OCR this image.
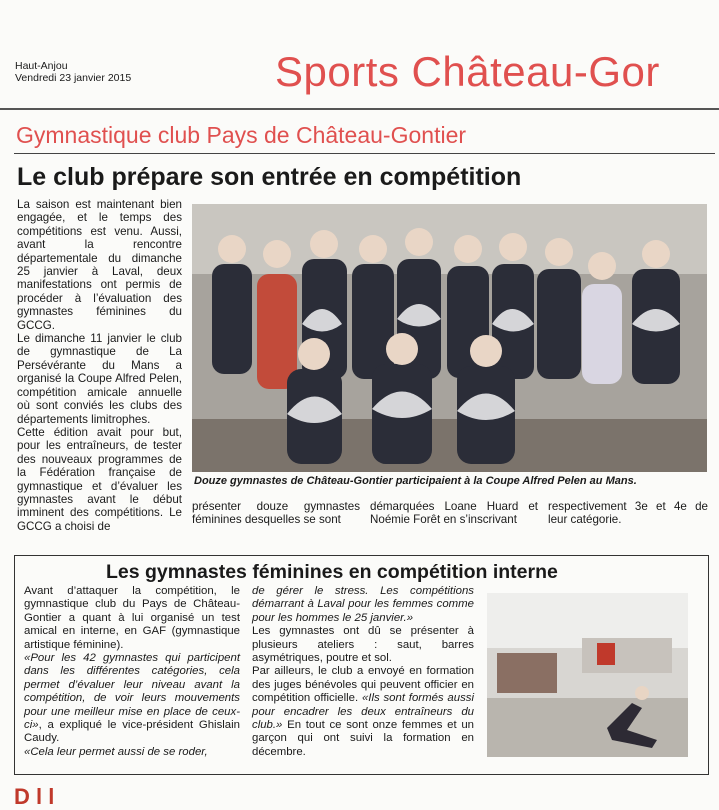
Haut-Anjou
Vendredi 23 janvier 2015	Sports Château-Gor
Gymnastique club Pays de Château-Gontier
Le club prépare son entrée en compétition
La saison est maintenant bien engagée, et le temps des compétitions est venu. Aussi, avant la rencontre départementale du dimanche 25 janvier à Laval, deux manifestations ont permis de procéder à l’évaluation des gymnastes féminines du GCCG.
Le dimanche 11 janvier le club de gymnastique de La Persévérante du Mans a organisé la Coupe Alfred Pelen, compétition amicale annuelle où sont conviés les clubs des départements limitrophes.
Cette édition avait pour but, pour les entraîneurs, de tester des nouveaux programmes de la Fédération française de gymnastique et d’évaluer les gymnastes avant le début imminent des compétitions. Le GCCG a choisi de
Douze gymnastes de Château-Gontier participaient à la Coupe Alfred Pelen au Mans.
présenter douze gymnastes féminines desquelles se sont
démarquées Loane Huard et Noémie Forêt en s’inscrivant
respectivement 3e et 4e de leur catégorie.
Les gymnastes féminines en compétition interne
Avant d’attaquer la compétition, le gymnastique club du Pays de Château-Gontier a quant à lui organisé un test amical en interne, en GAF (gymnastique artistique féminine).
«Pour les 42 gymnastes qui participent dans les différentes catégories, cela permet d’évaluer leur niveau avant la compétition, de voir leurs mouvements pour une meilleur mise en place de ceux-ci», a expliqué le vice-président Ghislain Caudy.
«Cela leur permet aussi de se roder,
de gérer le stress. Les compétitions démarrant à Laval pour les femmes comme pour les hommes le 25 janvier.»
Les gymnastes ont dû se présenter à plusieurs ateliers : saut, barres asymétriques, poutre et sol.
Par ailleurs, le club a envoyé en formation des juges bénévoles qui peuvent officier en compétition officielle. «Ils sont formés aussi pour encadrer les deux entraîneurs du club.» En tout ce sont onze femmes et un garçon qui ont suivi la formation en décembre.
D l l
